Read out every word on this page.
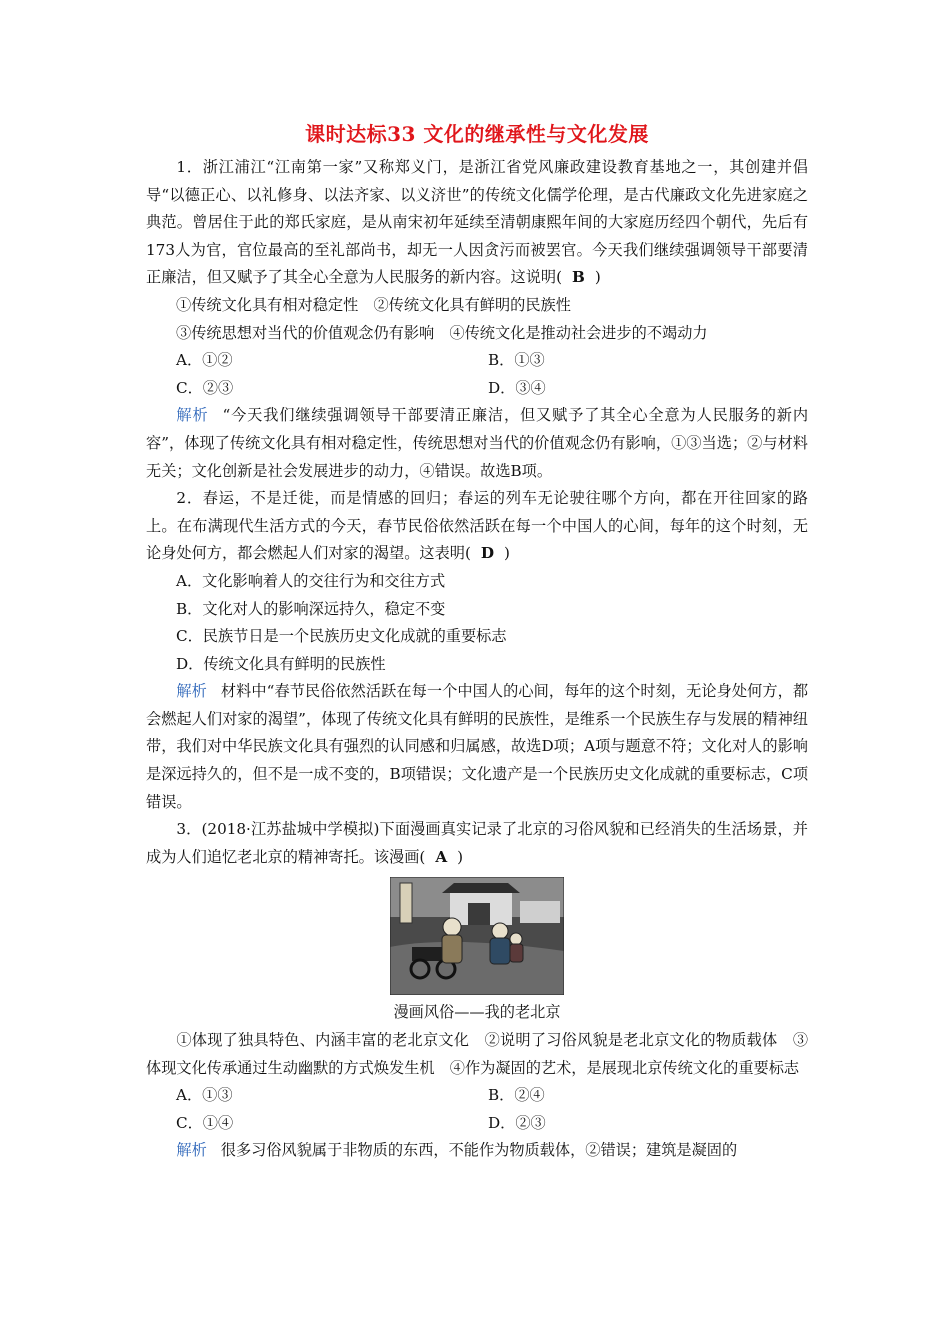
课时达标33 文化的继承性与文化发展

1．浙江浦江“江南第一家”又称郑义门，是浙江省党风廉政建设教育基地之一，其创建并倡导“以德正心、以礼修身、以法齐家、以义济世”的传统文化儒学伦理，是古代廉政文化先进家庭之典范。曾居住于此的郑氏家庭，是从南宋初年延续至清朝康熙年间的大家庭历经四个朝代，先后有173人为官，官位最高的至礼部尚书，却无一人因贪污而被罢官。今天我们继续强调领导干部要清正廉洁，但又赋予了其全心全意为人民服务的新内容。这说明( B )

①传统文化具有相对稳定性　②传统文化具有鲜明的民族性

③传统思想对当代的价值观念仍有影响　④传统文化是推动社会进步的不竭动力

A．①②	B．①③
C．②③	D．③④

解析 “今天我们继续强调领导干部要清正廉洁，但又赋予了其全心全意为人民服务的新内容”，体现了传统文化具有相对稳定性，传统思想对当代的价值观念仍有影响，①③当选；②与材料无关；文化创新是社会发展进步的动力，④错误。故选B项。

2．春运，不是迁徙，而是情感的回归；春运的列车无论驶往哪个方向，都在开往回家的路上。在布满现代生活方式的今天，春节民俗依然活跃在每一个中国人的心间，每年的这个时刻，无论身处何方，都会燃起人们对家的渴望。这表明( D )

A．文化影响着人的交往行为和交往方式

B．文化对人的影响深远持久，稳定不变

C．民族节日是一个民族历史文化成就的重要标志

D．传统文化具有鲜明的民族性

解析 材料中“春节民俗依然活跃在每一个中国人的心间，每年的这个时刻，无论身处何方，都会燃起人们对家的渴望”，体现了传统文化具有鲜明的民族性，是维系一个民族生存与发展的精神纽带，我们对中华民族文化具有强烈的认同感和归属感，故选D项；A项与题意不符；文化对人的影响是深远持久的，但不是一成不变的，B项错误；文化遗产是一个民族历史文化成就的重要标志，C项错误。

3．(2018·江苏盐城中学模拟)下面漫画真实记录了北京的习俗风貌和已经消失的生活场景，并成为人们追忆老北京的精神寄托。该漫画( A )

漫画风俗——我的老北京

①体现了独具特色、内涵丰富的老北京文化　②说明了习俗风貌是老北京文化的物质载体　③体现文化传承通过生动幽默的方式焕发生机　④作为凝固的艺术，是展现北京传统文化的重要标志

A．①③	B．②④
C．①④	D．②③

解析 很多习俗风貌属于非物质的东西，不能作为物质载体，②错误；建筑是凝固的
